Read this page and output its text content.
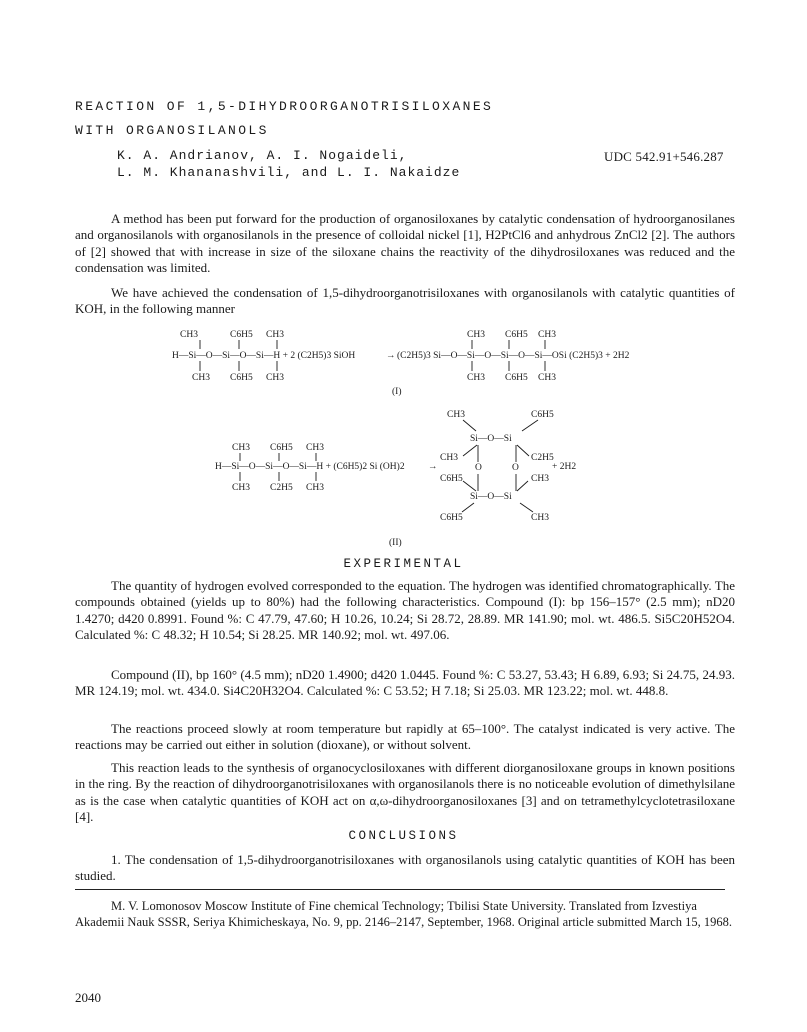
REACTION OF 1,5-DIHYDROORGANOTRISILOXANES
WITH ORGANOSILANOLS
K. A. Andrianov, A. I. Nogaideli,
L. M. Khananashvili, and L. I. Nakaidze
UDC 542.91+546.287

A method has been put forward for the production of organosiloxanes by catalytic condensation of hydroorganosilanes and organosilanols with organosilanols in the presence of colloidal nickel [1], H2PtCl6 and anhydrous ZnCl2 [2]. The authors of [2] showed that with increase in size of the siloxane chains the reactivity of the dihydrosiloxanes was reduced and the condensation was limited.

We have achieved the condensation of 1,5-dihydroorganotrisiloxanes with organosilanols with catalytic quantities of KOH, in the following manner

CH3	C6H5 CH3
H—Si—O—Si—O—Si—H + 2 (C2H5)3 SiOH
CH3 C6H5 CH3
→
CH3 C6H5 CH3
(C2H5)3 Si—O—Si—O—Si—O—Si—OSi (C2H5)3 + 2H2
CH3 C6H5 CH3
(I)
CH3 C6H5 CH3
H—Si—O—Si—O—Si—H + (C6H5)2 Si (OH)2
CH3 C2H5 CH3
→
CH3	C6H5
CH3
C6H5
C2H5
CH3
C6H5	CH3
Si—O—Si
O	O
Si—O—Si
+ 2H2
(II)
EXPERIMENTAL

The quantity of hydrogen evolved corresponded to the equation. The hydrogen was identified chromatographically. The compounds obtained (yields up to 80%) had the following characteristics. Compound (I): bp 156–157° (2.5 mm); nD20 1.4270; d420 0.8991. Found %: C 47.79, 47.60; H 10.26, 10.24; Si 28.72, 28.89. MR 141.90; mol. wt. 486.5. Si5C20H52O4. Calculated %: C 48.32; H 10.54; Si 28.25. MR 140.92; mol. wt. 497.06.

Compound (II), bp 160° (4.5 mm); nD20 1.4900; d420 1.0445. Found %: C 53.27, 53.43; H 6.89, 6.93; Si 24.75, 24.93. MR 124.19; mol. wt. 434.0. Si4C20H32O4. Calculated %: C 53.52; H 7.18; Si 25.03. MR 123.22; mol. wt. 448.8.

The reactions proceed slowly at room temperature but rapidly at 65–100°. The catalyst indicated is very active. The reactions may be carried out either in solution (dioxane), or without solvent.

This reaction leads to the synthesis of organocyclosiloxanes with different diorganosiloxane groups in known positions in the ring. By the reaction of dihydroorganotrisiloxanes with organosilanols there is no noticeable evolution of dimethylsilane as is the case when catalytic quantities of KOH act on α,ω-dihydroorganosiloxanes [3] and on tetramethylcyclotetrasiloxane [4].

CONCLUSIONS

1. The condensation of 1,5-dihydroorganotrisiloxanes with organosilanols using catalytic quantities of KOH has been studied.

M. V. Lomonosov Moscow Institute of Fine chemical Technology; Tbilisi State University. Translated from Izvestiya Akademii Nauk SSSR, Seriya Khimicheskaya, No. 9, pp. 2146–2147, September, 1968. Original article submitted March 15, 1968.

2040
